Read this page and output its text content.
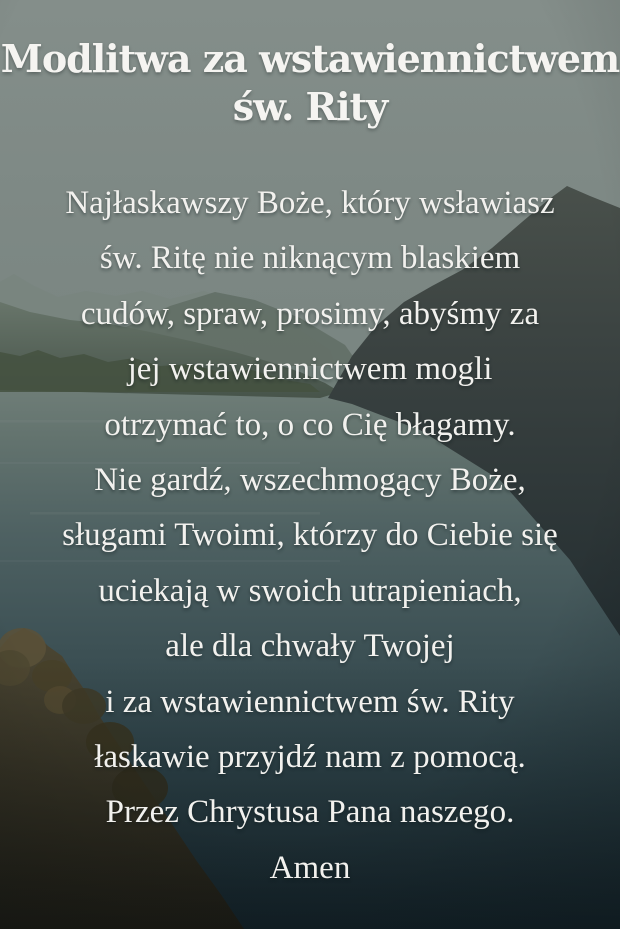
Modlitwa za wstawiennictwem
św. Rity
Najłaskawszy Boże, który wsławiasz
św. Ritę nie niknącym blaskiem
cudów, spraw, prosimy, abyśmy za
jej wstawiennictwem mogli
otrzymać to, o co Cię błagamy.
Nie gardź, wszechmogący Boże,
sługami Twoimi, którzy do Ciebie się
uciekają w swoich utrapieniach,
ale dla chwały Twojej
i za wstawiennictwem św. Rity
łaskawie przyjdź nam z pomocą.
Przez Chrystusa Pana naszego.
Amen
